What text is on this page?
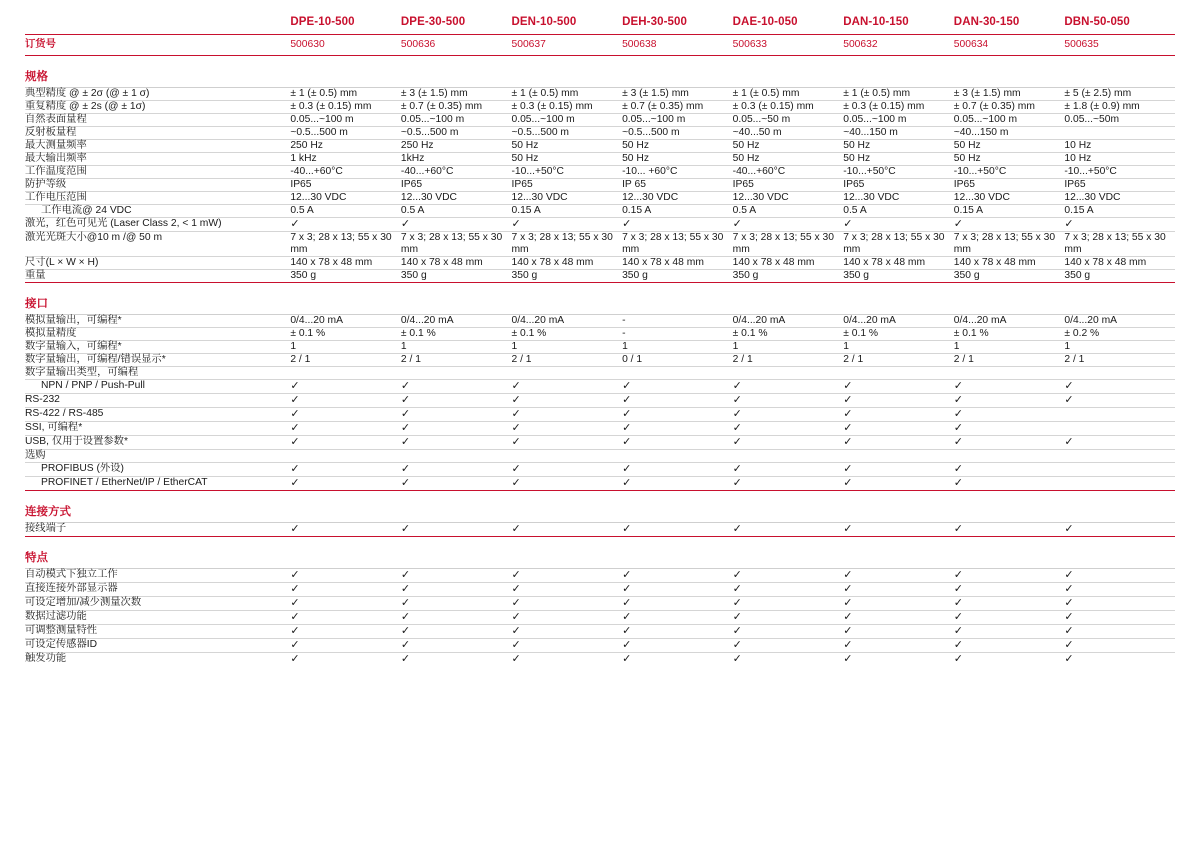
	DPE-10-500	DPE-30-500	DEN-10-500	DEH-30-500	DAE-10-050	DAN-10-150	DAN-30-150	DBN-50-050
订货号	500630	500636	500637	500638	500633	500632	500634	500635
规格								
典型精度 @ ± 2σ (@ ± 1 σ)	± 1 (± 0.5) mm	± 3 (± 1.5) mm	± 1 (± 0.5) mm	± 3 (± 1.5) mm	± 1 (± 0.5) mm	± 1 (± 0.5) mm	± 3 (± 1.5) mm	± 5 (± 2.5) mm
重复精度 @ ± 2s (@ ± 1σ)	± 0.3 (± 0.15) mm	± 0.7 (± 0.35) mm	± 0.3 (± 0.15) mm	± 0.7 (± 0.35) mm	± 0.3 (± 0.15) mm	± 0.3 (± 0.15) mm	± 0.7 (± 0.35) mm	± 1.8 (± 0.9) mm
自然表面量程	0.05...~100 m	0.05...~100 m	0.05...~100 m	0.05...~100 m	0.05...~50 m	0.05...~100 m	0.05...~100 m	0.05...~50m
反射板量程	~0.5...500 m	~0.5...500 m	~0.5...500 m	~0.5...500 m	~40...50 m	~40...150 m	~40...150 m	
最大测量频率	250 Hz	250 Hz	50 Hz	50 Hz	50 Hz	50 Hz	50 Hz	10 Hz
最大输出频率	1 kHz	1kHz	50 Hz	50 Hz	50 Hz	50 Hz	50 Hz	10 Hz
工作温度范围	-40...+60°C	-40...+60°C	-10...+50°C	-10... +60°C	-40...+60°C	-10...+50°C	-10...+50°C	-10...+50°C
防护等级	IP65	IP65	IP65	IP 65	IP65	IP65	IP65	IP65
工作电压范围	12...30 VDC	12...30 VDC	12...30 VDC	12...30 VDC	12...30 VDC	12...30 VDC	12...30 VDC	12...30 VDC
工作电流@ 24 VDC	0.5 A	0.5 A	0.15 A	0.15 A	0.5 A	0.5 A	0.15 A	0.15 A
激光，红色可见光 (Laser Class 2, < 1 mW)	✓	✓	✓	✓	✓	✓	✓	✓
激光光斑大小@10 m /@ 50 m	7 x 3; 28 x 13; 55 x 30 mm	7 x 3; 28 x 13; 55 x 30 mm	7 x 3; 28 x 13; 55 x 30 mm	7 x 3; 28 x 13; 55 x 30 mm	7 x 3; 28 x 13; 55 x 30 mm	7 x 3; 28 x 13; 55 x 30 mm	7 x 3; 28 x 13; 55 x 30 mm	7 x 3; 28 x 13; 55 x 30 mm
尺寸(L × W × H)	140 x 78 x 48 mm	140 x 78 x 48 mm	140 x 78 x 48 mm	140 x 78 x 48 mm	140 x 78 x 48 mm	140 x 78 x 48 mm	140 x 78 x 48 mm	140 x 78 x 48 mm
重量	350 g	350 g	350 g	350 g	350 g	350 g	350 g	350 g
接口								
模拟量输出，可编程*	0/4...20 mA	0/4...20 mA	0/4...20 mA	-	0/4...20 mA	0/4...20 mA	0/4...20 mA	0/4...20 mA
模拟量精度	± 0.1 %	± 0.1 %	± 0.1 %	-	± 0.1 %	± 0.1 %	± 0.1 %	± 0.2 %
数字量输入，可编程*	1	1	1	1	1	1	1	1
数字量输出，可编程/错误显示*	2 / 1	2 / 1	2 / 1	0 / 1	2 / 1	2 / 1	2 / 1	2 / 1
数字量输出类型，可编程								
NPN / PNP / Push-Pull	✓	✓	✓	✓	✓	✓	✓	✓
RS-232	✓	✓	✓	✓	✓	✓	✓	✓
RS-422 / RS-485	✓	✓	✓	✓	✓	✓	✓	
SSI, 可编程*	✓	✓	✓	✓	✓	✓	✓	
USB, 仅用于设置参数*	✓	✓	✓	✓	✓	✓	✓	✓
选购								
PROFIBUS (外设)	✓	✓	✓	✓	✓	✓	✓	
PROFINET / EtherNet/IP / EtherCAT	✓	✓	✓	✓	✓	✓	✓	
连接方式								
接线端子	✓	✓	✓	✓	✓	✓	✓	✓
特点								
自动模式下独立工作	✓	✓	✓	✓	✓	✓	✓	✓
直接连接外部显示器	✓	✓	✓	✓	✓	✓	✓	✓
可设定增加/减少测量次数	✓	✓	✓	✓	✓	✓	✓	✓
数据过滤功能	✓	✓	✓	✓	✓	✓	✓	✓
可调整测量特性	✓	✓	✓	✓	✓	✓	✓	✓
可设定传感器ID	✓	✓	✓	✓	✓	✓	✓	✓
触发功能	✓	✓	✓	✓	✓	✓	✓	✓
